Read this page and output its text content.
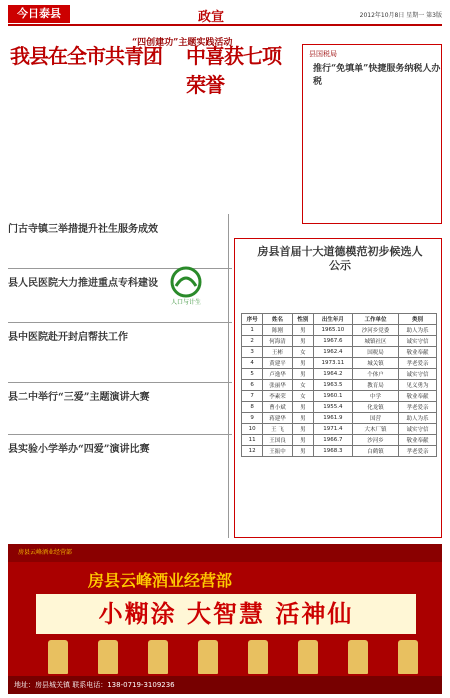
今日泰县	政宣	2012年10月8日 星期一 第3版
我县在全市共青团
“四创建功”主题实践活动
中喜获七项荣誉
门古寺镇三举措提升社生服务成效
县人民医院大力推进重点专科建设
县中医院赴开封启帮扶工作
县二中举行“三爱”主题演讲大赛
县实验小学举办“四爱”演讲比赛
县国税局
推行“免填单”快捷服务纳税人办税
人口与计生
房县首届十大道德模范初步候选人公示
序号	姓名	性别	出生年月	工作单位	类别
1	陈刚	男	1965.10	沙河乡党委	助人为乐
2	何海清	男	1967.6	城镇社区	诚实守信
3	王彬	女	1962.4	国税局	敬业奉献
4	黄建平	男	1973.11	城关镇	孝老爱亲
5	卢逸华	男	1964.2	个体户	诚实守信
6	张丽华	女	1963.5	教育局	见义勇为
7	李素荣	女	1960.1	中学	敬业奉献
8	曹小斌	男	1955.4	化龙镇	孝老爱亲
9	蒋建华	男	1961.9	国营	助人为乐
10	王 飞	男	1971.4	大木厂镇	诚实守信
11	王国良	男	1966.7	沙河乡	敬业奉献
12	王振中	男	1968.3	白鹤镇	孝老爱亲
房县云峰酒业经营部
房县云峰酒业经营部
小糊涂 大智慧 活神仙
地址：房县城关镇 联系电话：138-0719-3109236
